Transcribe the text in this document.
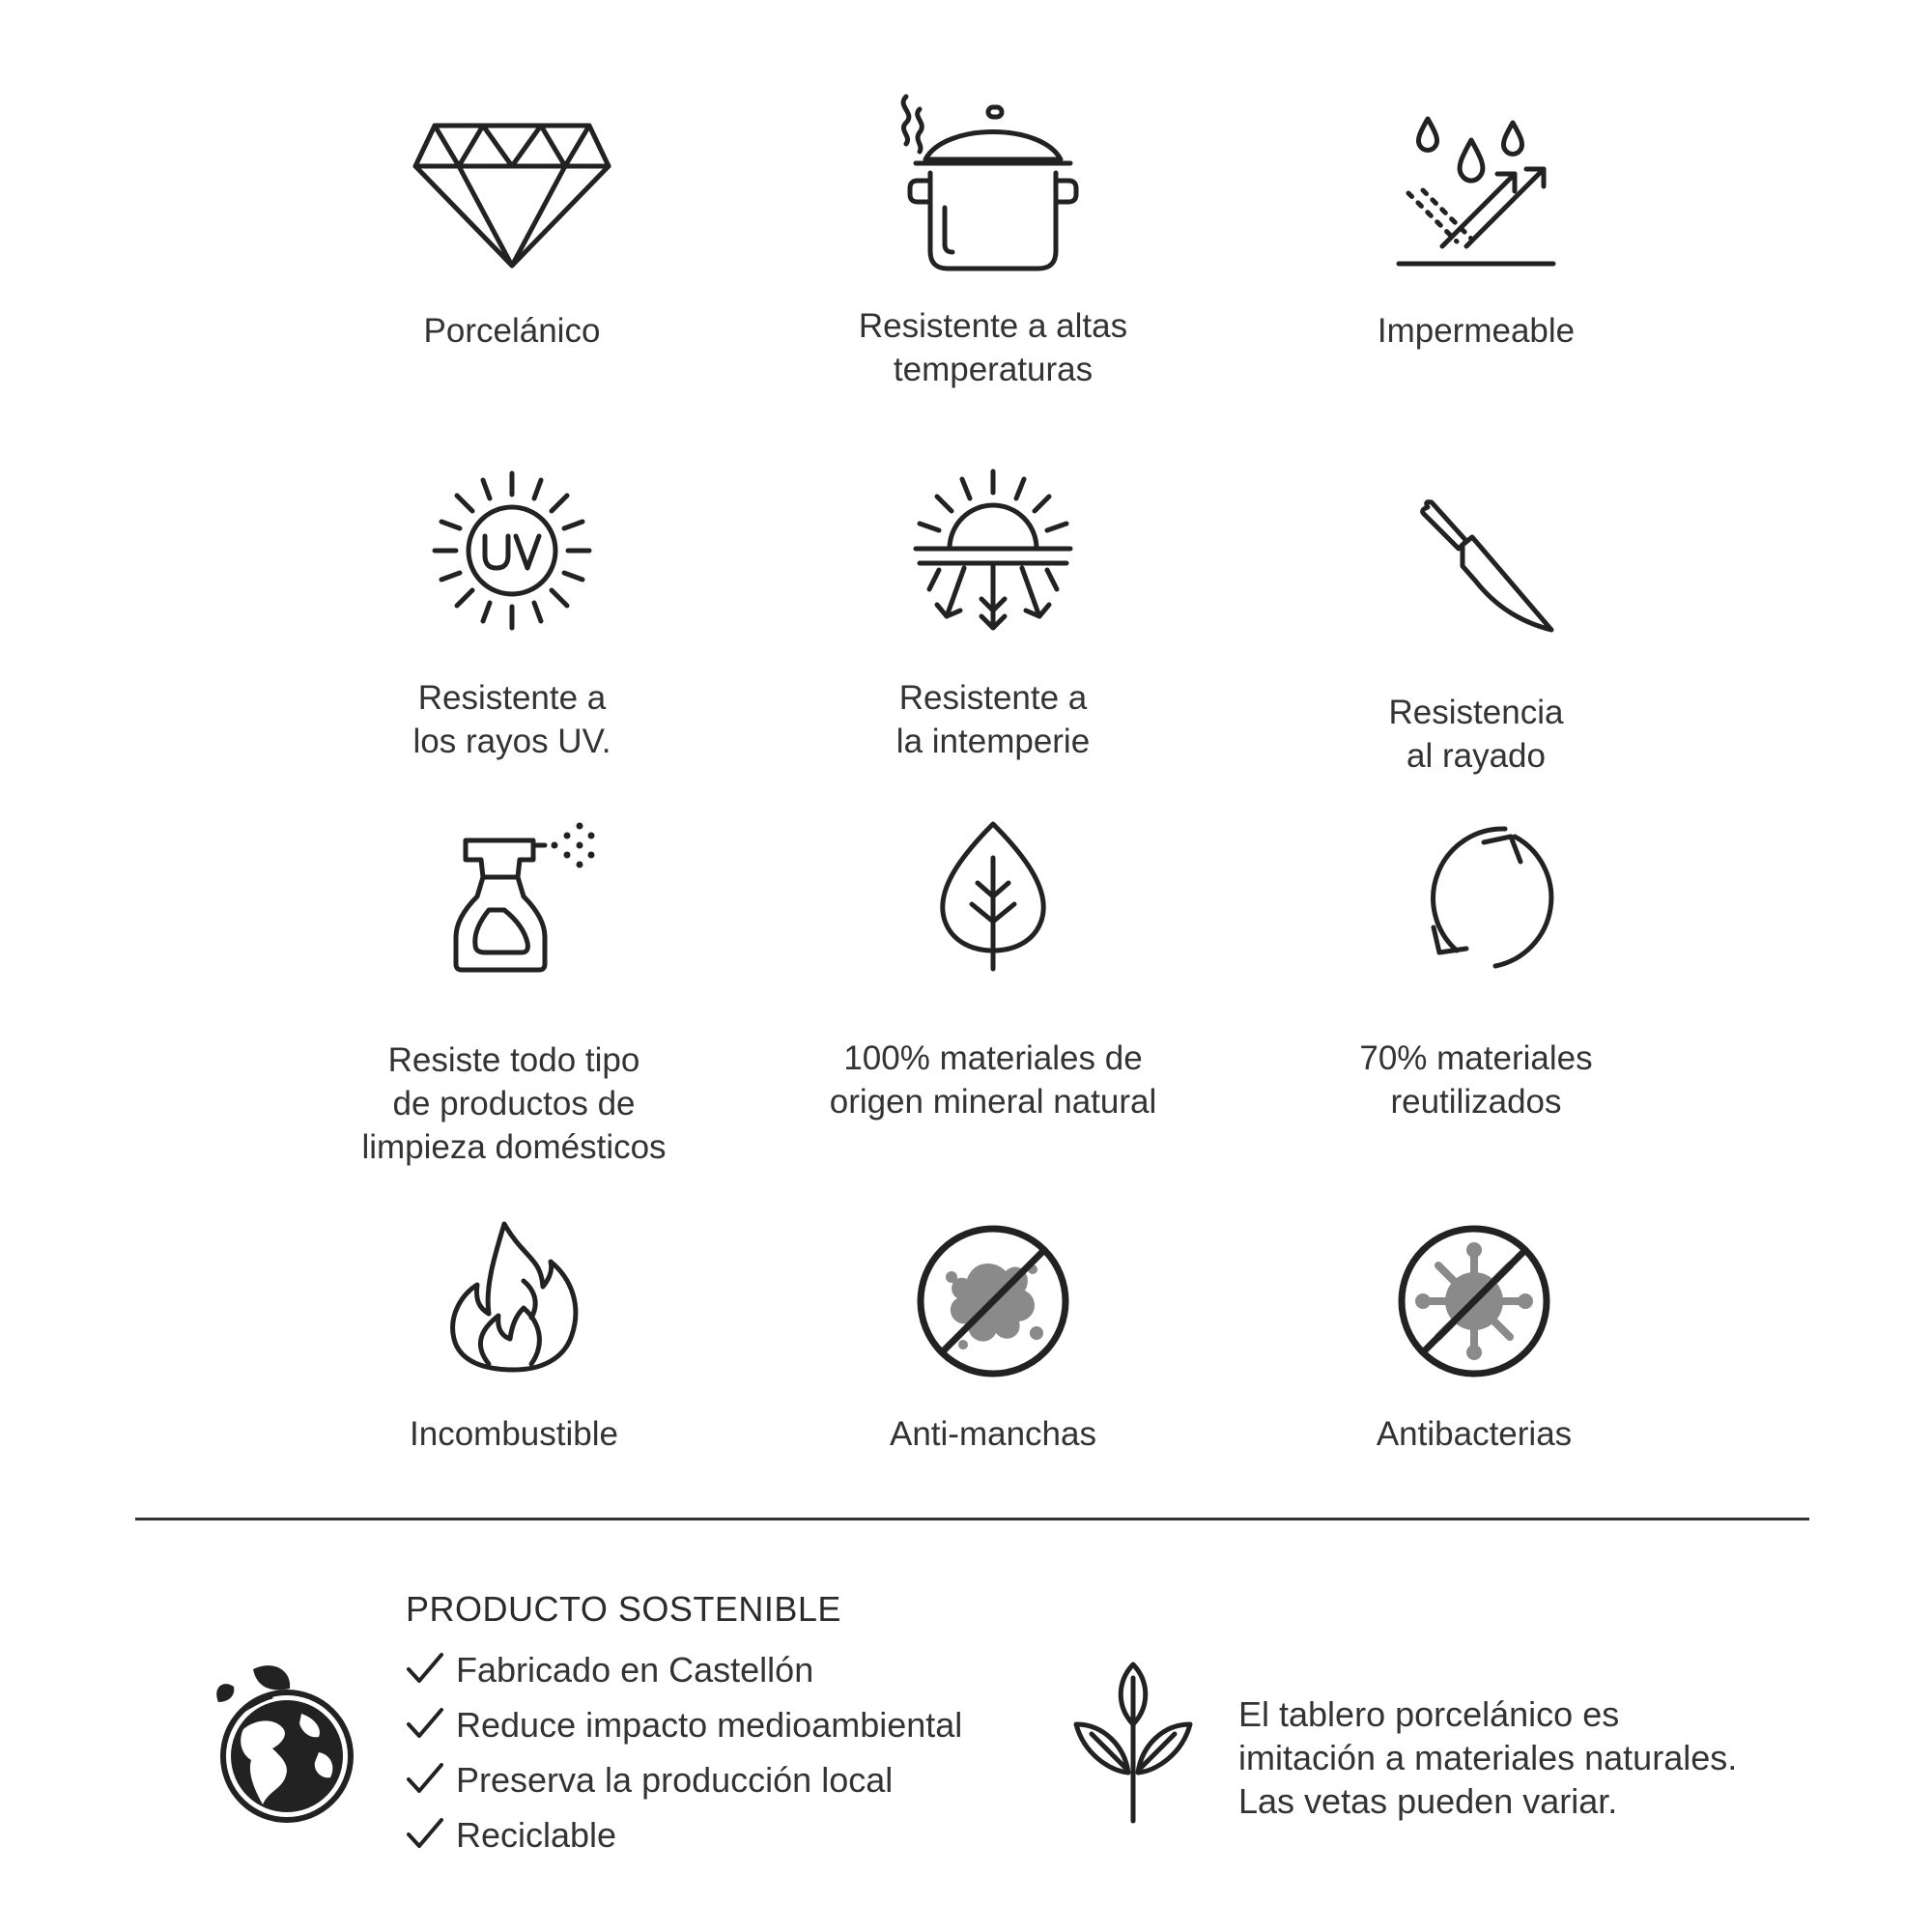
Porcelánico	Resistente a altas
temperaturas
Impermeable
Resistente a
los rayos UV.
Resistente a
la intemperie
Resistencia
al rayado
Resiste todo tipo
de productos de
limpieza domésticos
100% materiales de
origen mineral natural
70% materiales
reutilizados
Incombustible	Anti-manchas	Antibacterias
PRODUCTO SOSTENIBLE
Fabricado en Castellón
Reduce impacto medioambiental
Preserva la producción local
Reciclable
El tablero porcelánico es
imitación a materiales naturales.
Las vetas pueden variar.
